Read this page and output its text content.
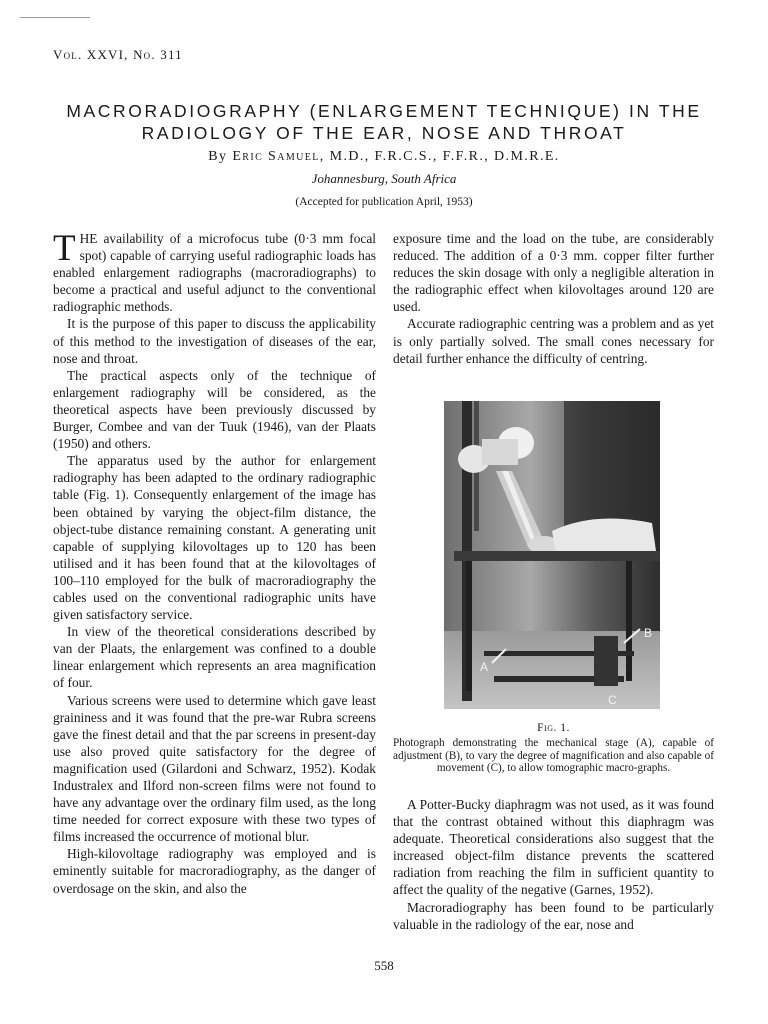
Vol. XXVI, No. 311
MACRORADIOGRAPHY (ENLARGEMENT TECHNIQUE) IN THE
RADIOLOGY OF THE EAR, NOSE AND THROAT
By Eric Samuel, M.D., F.R.C.S., F.F.R., D.M.R.E.
Johannesburg, South Africa
(Accepted for publication April, 1953)

THE availability of a microfocus tube (0·3 mm focal spot) capable of carrying useful radiographic loads has enabled enlargement radiographs (macroradiographs) to become a practical and useful adjunct to the conventional radiographic methods.

It is the purpose of this paper to discuss the applicability of this method to the investigation of diseases of the ear, nose and throat.

The practical aspects only of the technique of enlargement radiography will be considered, as the theoretical aspects have been previously discussed by Burger, Combee and van der Tuuk (1946), van der Plaats (1950) and others.

The apparatus used by the author for enlargement radiography has been adapted to the ordinary radiographic table (Fig. 1). Consequently enlargement of the image has been obtained by varying the object-film distance, the object-tube distance remaining constant. A generating unit capable of supplying kilovoltages up to 120 has been utilised and it has been found that at the kilovoltages of 100–110 employed for the bulk of macroradiography the cables used on the conventional radiographic units have given satisfactory service.

In view of the theoretical considerations described by van der Plaats, the enlargement was confined to a double linear enlargement which represents an area magnification of four.

Various screens were used to determine which gave least graininess and it was found that the pre-war Rubra screens gave the finest detail and that the par screens in present-day use also proved quite satisfactory for the degree of magnification used (Gilardoni and Schwarz, 1952). Kodak Industralex and Ilford non-screen films were not found to have any advantage over the ordinary film used, as the long time needed for correct exposure with these two types of films increased the occurrence of motional blur.

High-kilovoltage radiography was employed and is eminently suitable for macroradiography, as the danger of overdosage on the skin, and also the

exposure time and the load on the tube, are considerably reduced. The addition of a 0·3 mm. copper filter further reduces the skin dosage with only a negligible alteration in the radiographic effect when kilovoltages around 120 are used.

Accurate radiographic centring was a problem and as yet is only partially solved. The small cones necessary for detail further enhance the difficulty of centring.

B
A
C
Fig. 1.
Photograph demonstrating the mechanical stage (A), capable of adjustment (B), to vary the degree of magnification and also capable of movement (C), to allow tomographic macro-graphs.

A Potter-Bucky diaphragm was not used, as it was found that the contrast obtained without this diaphragm was adequate. Theoretical considerations also suggest that the increased object-film distance prevents the scattered radiation from reaching the film in sufficient quantity to affect the quality of the negative (Garnes, 1952).

Macroradiography has been found to be particularly valuable in the radiology of the ear, nose and

558
